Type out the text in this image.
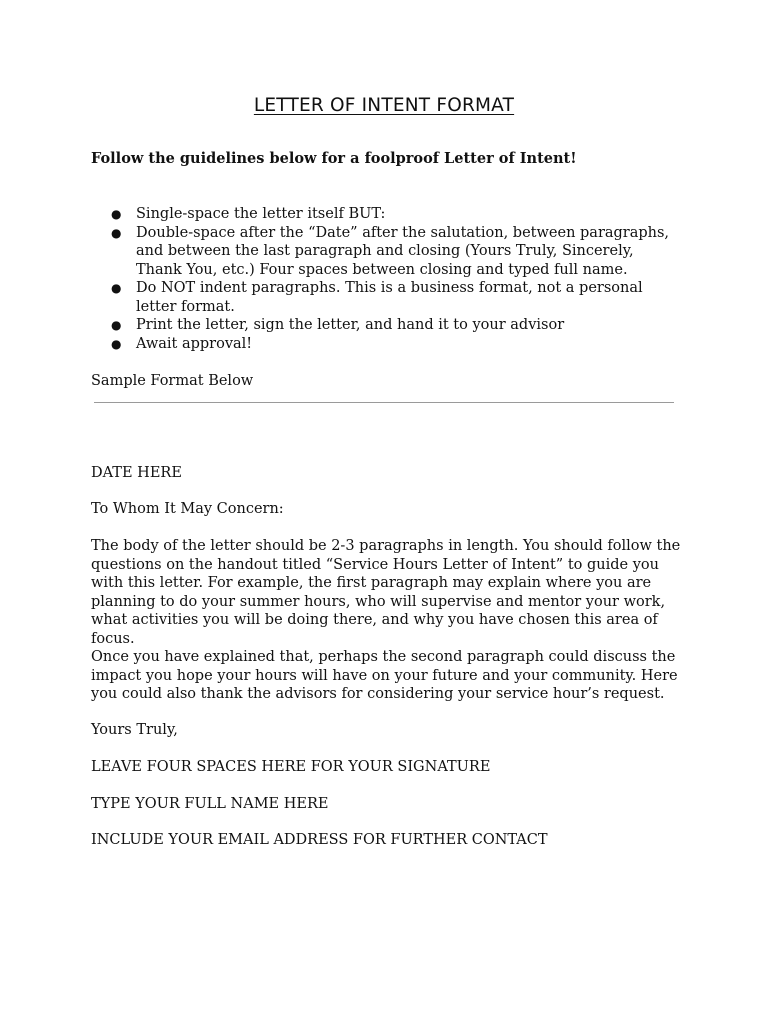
LETTER OF INTENT FORMAT
Follow the guidelines below for a foolproof Letter of Intent!
● Single-space the letter itself BUT:
● Double-space after the “Date” after the salutation, between paragraphs, and between the last paragraph and closing (Yours Truly, Sincerely, Thank You, etc.) Four spaces between closing and typed full name.
● Do NOT indent paragraphs. This is a business format, not a personal letter format.
● Print the letter, sign the letter, and hand it to your advisor
● Await approval!
Sample Format Below
DATE HERE
To Whom It May Concern:
The body of the letter should be 2-3 paragraphs in length. You should follow the questions on the handout titled “Service Hours Letter of Intent” to guide you with this letter. For example, the first paragraph may explain where you are planning to do your summer hours, who will supervise and mentor your work, what activities you will be doing there, and why you have chosen this area of focus.
Once you have explained that, perhaps the second paragraph could discuss the impact you hope your hours will have on your future and your community. Here you could also thank the advisors for considering your service hour’s request.
Yours Truly,
LEAVE FOUR SPACES HERE FOR YOUR SIGNATURE
TYPE YOUR FULL NAME HERE
INCLUDE YOUR EMAIL ADDRESS FOR FURTHER CONTACT
